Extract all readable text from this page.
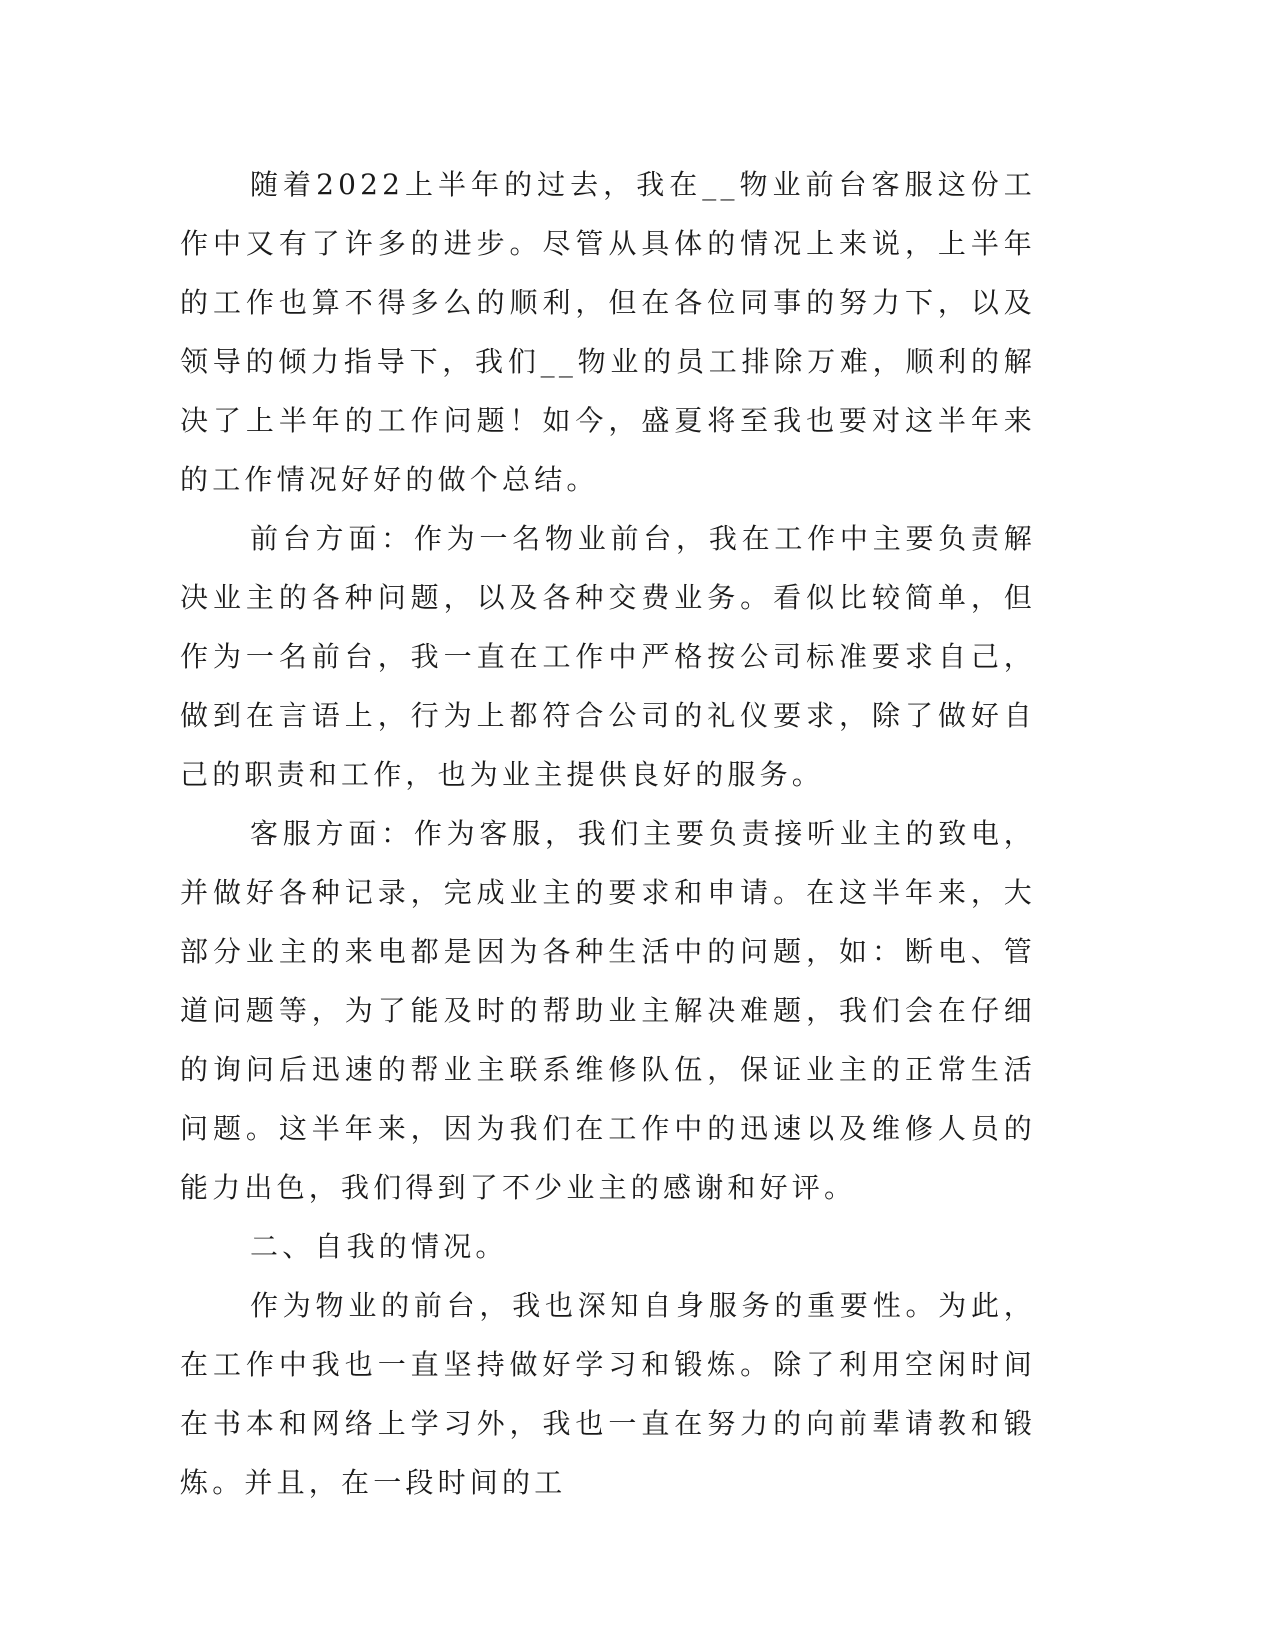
随着2022上半年的过去，我在__物业前台客服这份工作中又有了许多的进步。尽管从具体的情况上来说，上半年的工作也算不得多么的顺利，但在各位同事的努力下，以及领导的倾力指导下，我们__物业的员工排除万难，顺利的解决了上半年的工作问题！如今，盛夏将至我也要对这半年来的工作情况好好的做个总结。

前台方面：作为一名物业前台，我在工作中主要负责解决业主的各种问题，以及各种交费业务。看似比较简单，但作为一名前台，我一直在工作中严格按公司标准要求自己，做到在言语上，行为上都符合公司的礼仪要求，除了做好自己的职责和工作，也为业主提供良好的服务。

客服方面：作为客服，我们主要负责接听业主的致电，并做好各种记录，完成业主的要求和申请。在这半年来，大部分业主的来电都是因为各种生活中的问题，如：断电、管道问题等，为了能及时的帮助业主解决难题，我们会在仔细的询问后迅速的帮业主联系维修队伍，保证业主的正常生活问题。这半年来，因为我们在工作中的迅速以及维修人员的能力出色，我们得到了不少业主的感谢和好评。

二、自我的情况。

作为物业的前台，我也深知自身服务的重要性。为此，在工作中我也一直坚持做好学习和锻炼。除了利用空闲时间在书本和网络上学习外，我也一直在努力的向前辈请教和锻炼。并且，在一段时间的工
